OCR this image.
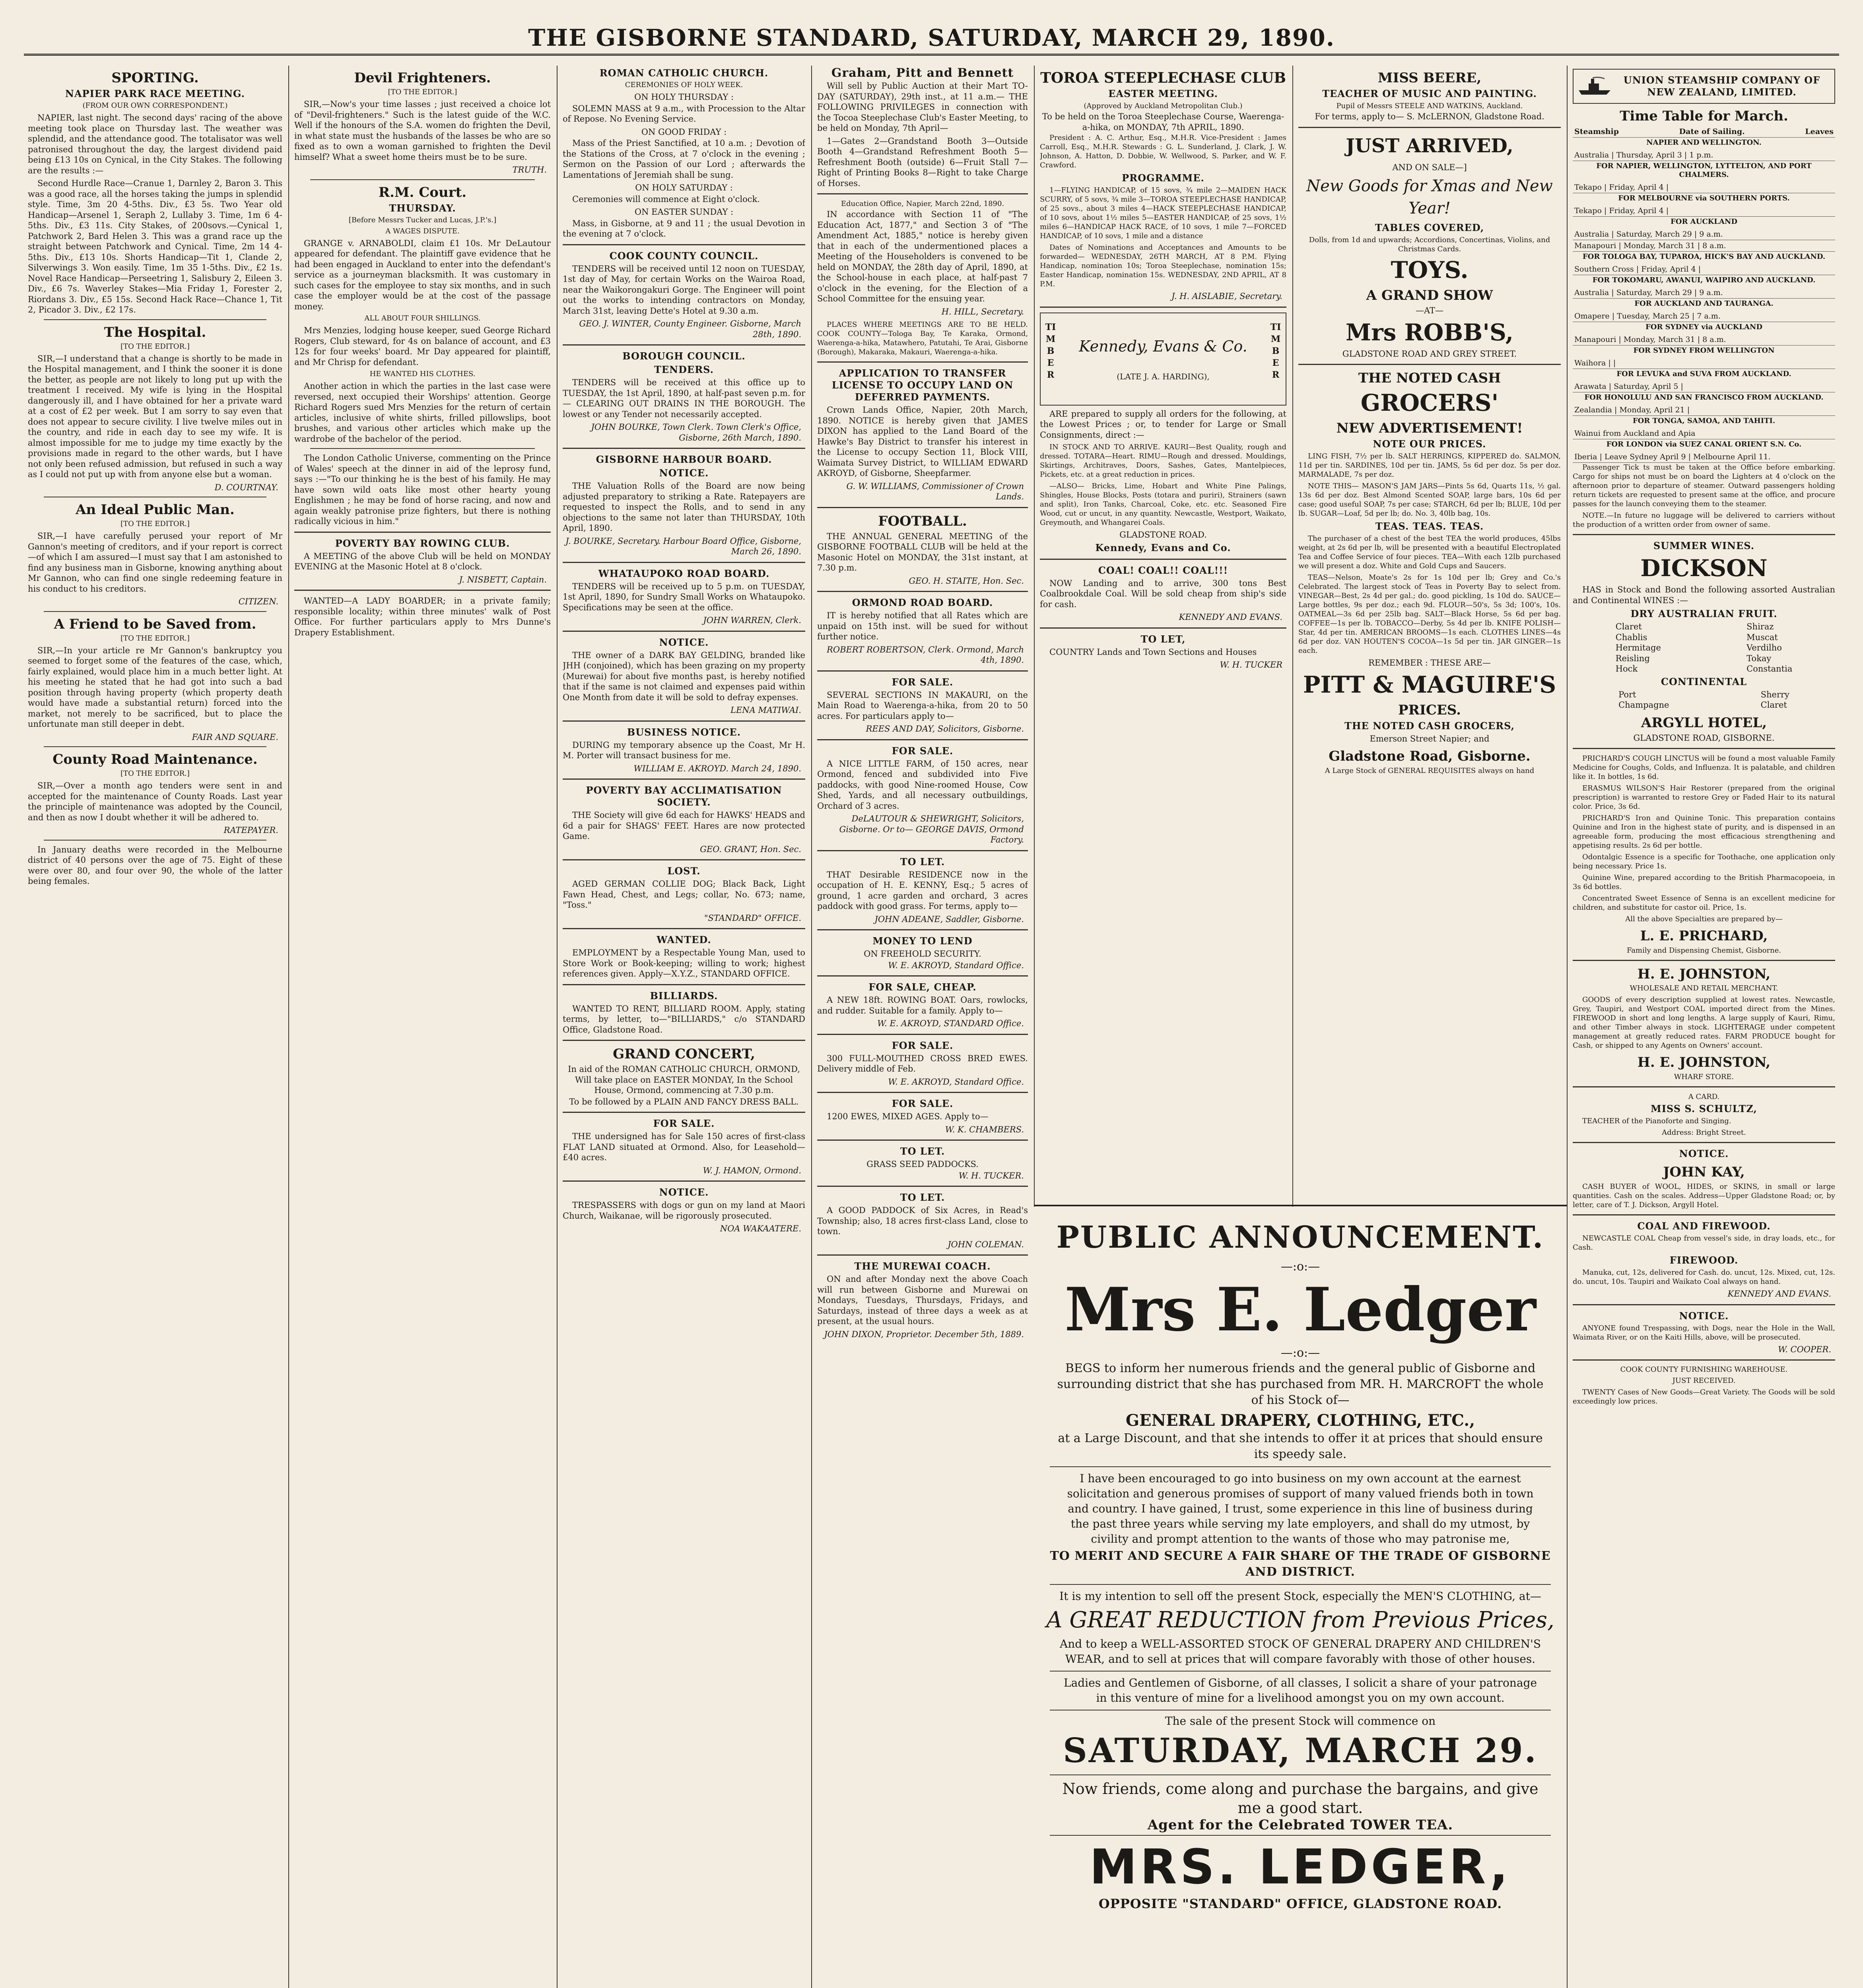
THE GISBORNE STANDARD, SATURDAY, MARCH 29, 1890.
SPORTING.
NAPIER PARK RACE MEETING.
(FROM OUR OWN CORRESPONDENT.)

NAPIER, last night. The second days' racing of the above meeting took place on Thursday last. The weather was splendid, and the attendance good. The totalisator was well patronised throughout the day, the largest dividend paid being £13 10s on Cynical, in the City Stakes. The following are the results :—

Second Hurdle Race—Cranue 1, Darnley 2, Baron 3. This was a good race, all the horses taking the jumps in splendid style. Time, 3m 20 4-5ths. Div., £3 5s. Two Year old Handicap—Arsenel 1, Seraph 2, Lullaby 3. Time, 1m 6 4-5ths. Div., £3 11s. City Stakes, of 200sovs.—Cynical 1, Patchwork 2, Bard Helen 3. This was a grand race up the straight between Patchwork and Cynical. Time, 2m 14 4-5ths. Div., £13 10s. Shorts Handicap—Tit 1, Clande 2, Silverwings 3. Won easily. Time, 1m 35 1-5ths. Div., £2 1s. Novel Race Handicap—Perseetring 1, Salisbury 2, Eileen 3. Div., £6 7s. Waverley Stakes—Mia Friday 1, Forester 2, Riordans 3. Div., £5 15s. Second Hack Race—Chance 1, Tit 2, Picador 3. Div., £2 17s.

The Hospital.
[TO THE EDITOR.]

SIR,—I understand that a change is shortly to be made in the Hospital management, and I think the sooner it is done the better, as people are not likely to long put up with the treatment I received. My wife is lying in the Hospital dangerously ill, and I have obtained for her a private ward at a cost of £2 per week. But I am sorry to say even that does not appear to secure civility. I live twelve miles out in the country, and ride in each day to see my wife. It is almost impossible for me to judge my time exactly by the provisions made in regard to the other wards, but I have not only been refused admission, but refused in such a way as I could not put up with from anyone else but a woman.

D. COURTNAY.
An Ideal Public Man.
[TO THE EDITOR.]

SIR,—I have carefully perused your report of Mr Gannon's meeting of creditors, and if your report is correct—of which I am assured—I must say that I am astonished to find any business man in Gisborne, knowing anything about Mr Gannon, who can find one single redeeming feature in his conduct to his creditors.

CITIZEN.
A Friend to be Saved from.
[TO THE EDITOR.]

SIR,—In your article re Mr Gannon's bankruptcy you seemed to forget some of the features of the case, which, fairly explained, would place him in a much better light. At his meeting he stated that he had got into such a bad position through having property (which property death would have made a substantial return) forced into the market, not merely to be sacrificed, but to place the unfortunate man still deeper in debt.

FAIR AND SQUARE.
County Road Maintenance.
[TO THE EDITOR.]

SIR,—Over a month ago tenders were sent in and accepted for the maintenance of County Roads. Last year the principle of maintenance was adopted by the Council, and then as now I doubt whether it will be adhered to.

RATEPAYER.

In January deaths were recorded in the Melbourne district of 40 persons over the age of 75. Eight of these were over 80, and four over 90, the whole of the latter being females.

Devil Frighteners.
[TO THE EDITOR.]

SIR,—Now's your time lasses ; just received a choice lot of "Devil-frighteners." Such is the latest guide of the W.C. Well if the honours of the S.A. women do frighten the Devil, in what state must the husbands of the lasses be who are so fixed as to own a woman garnished to frighten the Devil himself? What a sweet home theirs must be to be sure.

TRUTH.
R.M. Court.
THURSDAY.
[Before Messrs Tucker and Lucas, J.P.'s.]
A WAGES DISPUTE.

GRANGE v. ARNABOLDI, claim £1 10s. Mr DeLautour appeared for defendant. The plaintiff gave evidence that he had been engaged in Auckland to enter into the defendant's service as a journeyman blacksmith. It was customary in such cases for the employee to stay six months, and in such case the employer would be at the cost of the passage money.

ALL ABOUT FOUR SHILLINGS.

Mrs Menzies, lodging house keeper, sued George Richard Rogers, Club steward, for 4s on balance of account, and £3 12s for four weeks' board. Mr Day appeared for plaintiff, and Mr Chrisp for defendant.

HE WANTED HIS CLOTHES.

Another action in which the parties in the last case were reversed, next occupied their Worships' attention. George Richard Rogers sued Mrs Menzies for the return of certain articles, inclusive of white shirts, frilled pillowslips, boot brushes, and various other articles which make up the wardrobe of the bachelor of the period.

The London Catholic Universe, commenting on the Prince of Wales' speech at the dinner in aid of the leprosy fund, says :—"To our thinking he is the best of his family. He may have sown wild oats like most other hearty young Englishmen ; he may be fond of horse racing, and now and again weakly patronise prize fighters, but there is nothing radically vicious in him."

POVERTY BAY ROWING CLUB.

A MEETING of the above Club will be held on MONDAY EVENING at the Masonic Hotel at 8 o'clock.

J. NISBETT, Captain.

WANTED—A LADY BOARDER; in a private family; responsible locality; within three minutes' walk of Post Office. For further particulars apply to Mrs Dunne's Drapery Establishment.

ROMAN CATHOLIC CHURCH.
CEREMONIES OF HOLY WEEK.
ON HOLY THURSDAY :

SOLEMN MASS at 9 a.m., with Procession to the Altar of Repose. No Evening Service.

ON GOOD FRIDAY :

Mass of the Priest Sanctified, at 10 a.m. ; Devotion of the Stations of the Cross, at 7 o'clock in the evening ; Sermon on the Passion of our Lord ; afterwards the Lamentations of Jeremiah shall be sung.

ON HOLY SATURDAY :

Ceremonies will commence at Eight o'clock.

ON EASTER SUNDAY :

Mass, in Gisborne, at 9 and 11 ; the usual Devotion in the evening at 7 o'clock.

COOK COUNTY COUNCIL.

TENDERS will be received until 12 noon on TUESDAY, 1st day of May, for certain Works on the Wairoa Road, near the Waikorongakuri Gorge. The Engineer will point out the works to intending contractors on Monday, March 31st, leaving Dette's Hotel at 9.30 a.m.

GEO. J. WINTER, County Engineer. Gisborne, March 28th, 1890.
BOROUGH COUNCIL.
TENDERS.

TENDERS will be received at this office up to TUESDAY, the 1st April, 1890, at half-past seven p.m. for— CLEARING OUT DRAINS IN THE BOROUGH. The lowest or any Tender not necessarily accepted.

JOHN BOURKE, Town Clerk. Town Clerk's Office, Gisborne, 26th March, 1890.
GISBORNE HARBOUR BOARD.
NOTICE.

THE Valuation Rolls of the Board are now being adjusted preparatory to striking a Rate. Ratepayers are requested to inspect the Rolls, and to send in any objections to the same not later than THURSDAY, 10th April, 1890.

J. BOURKE, Secretary. Harbour Board Office, Gisborne, March 26, 1890.
WHATAUPOKO ROAD BOARD.

TENDERS will be received up to 5 p.m. on TUESDAY, 1st April, 1890, for Sundry Small Works on Whataupoko. Specifications may be seen at the office.

JOHN WARREN, Clerk.
NOTICE.

THE owner of a DARK BAY GELDING, branded like JHH (conjoined), which has been grazing on my property (Murewai) for about five months past, is hereby notified that if the same is not claimed and expenses paid within One Month from date it will be sold to defray expenses.

LENA MATIWAI.
BUSINESS NOTICE.

DURING my temporary absence up the Coast, Mr H. M. Porter will transact business for me.

WILLIAM E. AKROYD. March 24, 1890.
POVERTY BAY ACCLIMATISATION SOCIETY.

THE Society will give 6d each for HAWKS' HEADS and 6d a pair for SHAGS' FEET. Hares are now protected Game.

GEO. GRANT, Hon. Sec.
LOST.

AGED GERMAN COLLIE DOG; Black Back, Light Fawn Head, Chest, and Legs; collar, No. 673; name, "Toss."

"STANDARD" OFFICE.
WANTED.

EMPLOYMENT by a Respectable Young Man, used to Store Work or Book-keeping; willing to work; highest references given. Apply—X.Y.Z., STANDARD OFFICE.

BILLIARDS.

WANTED TO RENT, BILLIARD ROOM. Apply, stating terms, by letter, to—"BILLIARDS," c/o STANDARD Office, Gladstone Road.

GRAND CONCERT,

In aid of the ROMAN CATHOLIC CHURCH, ORMOND, Will take place on EASTER MONDAY, In the School House, Ormond, commencing at 7.30 p.m.

To be followed by a PLAIN AND FANCY DRESS BALL.

FOR SALE.

THE undersigned has for Sale 150 acres of first-class FLAT LAND situated at Ormond. Also, for Leasehold—£40 acres.

W. J. HAMON, Ormond.
NOTICE.

TRESPASSERS with dogs or gun on my land at Maori Church, Waikanae, will be rigorously prosecuted.

NOA WAKAATERE.
Graham, Pitt and Bennett

Will sell by Public Auction at their Mart TO-DAY (SATURDAY), 29th inst., at 11 a.m.— THE FOLLOWING PRIVILEGES in connection with the Tocoa Steeplechase Club's Easter Meeting, to be held on Monday, 7th April—

1—Gates 2—Grandstand Booth 3—Outside Booth 4—Grandstand Refreshment Booth 5—Refreshment Booth (outside) 6—Fruit Stall 7—Right of Printing Books 8—Right to take Charge of Horses.

Education Office, Napier, March 22nd, 1890.

IN accordance with Section 11 of "The Education Act, 1877," and Section 3 of "The Amendment Act, 1885," notice is hereby given that in each of the undermentioned places a Meeting of the Householders is convened to be held on MONDAY, the 28th day of April, 1890, at the School-house in each place, at half-past 7 o'clock in the evening, for the Election of a School Committee for the ensuing year.

H. HILL, Secretary.

PLACES WHERE MEETINGS ARE TO BE HELD. COOK COUNTY—Tologa Bay, Te Karaka, Ormond, Waerenga-a-hika, Matawhero, Patutahi, Te Arai, Gisborne (Borough), Makaraka, Makauri, Waerenga-a-hika.

APPLICATION TO TRANSFER LICENSE TO OCCUPY LAND ON DEFERRED PAYMENTS.

Crown Lands Office, Napier, 20th March, 1890. NOTICE is hereby given that JAMES DIXON has applied to the Land Board of the Hawke's Bay District to transfer his interest in the License to occupy Section 11, Block VIII, Waimata Survey District, to WILLIAM EDWARD AKROYD, of Gisborne, Sheepfarmer.

G. W. WILLIAMS, Commissioner of Crown Lands.
FOOTBALL.

THE ANNUAL GENERAL MEETING of the GISBORNE FOOTBALL CLUB will be held at the Masonic Hotel on MONDAY, the 31st instant, at 7.30 p.m.

GEO. H. STAITE, Hon. Sec.
ORMOND ROAD BOARD.

IT is hereby notified that all Rates which are unpaid on 15th inst. will be sued for without further notice.

ROBERT ROBERTSON, Clerk. Ormond, March 4th, 1890.
FOR SALE.

SEVERAL SECTIONS IN MAKAURI, on the Main Road to Waerenga-a-hika, from 20 to 50 acres. For particulars apply to—

REES AND DAY, Solicitors, Gisborne.
FOR SALE.

A NICE LITTLE FARM, of 150 acres, near Ormond, fenced and subdivided into Five paddocks, with good Nine-roomed House, Cow Shed, Yards, and all necessary outbuildings, Orchard of 3 acres.

DeLAUTOUR & SHEWRIGHT, Solicitors, Gisborne. Or to— GEORGE DAVIS, Ormond Factory.
TO LET.

THAT Desirable RESIDENCE now in the occupation of H. E. KENNY, Esq.; 5 acres of ground, 1 acre garden and orchard, 3 acres paddock with good grass. For terms, apply to—

JOHN ADEANE, Saddler, Gisborne.
MONEY TO LEND
ON FREEHOLD SECURITY.
W. E. AKROYD, Standard Office.
FOR SALE, CHEAP.

A NEW 18ft. ROWING BOAT. Oars, rowlocks, and rudder. Suitable for a family. Apply to—

W. E. AKROYD, STANDARD Office.
FOR SALE.

300 FULL-MOUTHED CROSS BRED EWES. Delivery middle of Feb.

W. E. AKROYD, Standard Office.
FOR SALE.

1200 EWES, MIXED AGES. Apply to—

W. K. CHAMBERS.
TO LET.
GRASS SEED PADDOCKS.
W. H. TUCKER.
TO LET.

A GOOD PADDOCK of Six Acres, in Read's Township; also, 18 acres first-class Land, close to town.

JOHN COLEMAN.
THE MUREWAI COACH.

ON and after Monday next the above Coach will run between Gisborne and Murewai on Mondays, Tuesdays, Thursdays, Fridays, and Saturdays, instead of three days a week as at present, at the usual hours.

JOHN DIXON, Proprietor. December 5th, 1889.
TOROA STEEPLECHASE CLUB
EASTER MEETING.
(Approved by Auckland Metropolitan Club.)

To be held on the Toroa Steeplechase Course, Waerenga-a-hika, on MONDAY, 7th APRIL, 1890.

President : A. C. Arthur, Esq., M.H.R. Vice-President : James Carroll, Esq., M.H.R. Stewards : G. L. Sunderland, J. Clark, J. W. Johnson, A. Hatton, D. Dobbie, W. Wellwood, S. Parker, and W. F. Crawford.

PROGRAMME.

1—FLYING HANDICAP, of 15 sovs, ¾ mile 2—MAIDEN HACK SCURRY, of 5 sovs, ¾ mile 3—TOROA STEEPLECHASE HANDICAP, of 25 sovs., about 3 miles 4—HACK STEEPLECHASE HANDICAP, of 10 sovs, about 1½ miles 5—EASTER HANDICAP, of 25 sovs, 1½ miles 6—HANDICAP HACK RACE, of 10 sovs, 1 mile 7—FORCED HANDICAP, of 10 sovs, 1 mile and a distance

Dates of Nominations and Acceptances and Amounts to be forwarded— WEDNESDAY, 26TH MARCH, AT 8 P.M. Flying Handicap, nomination 10s; Toroa Steeplechase, nomination 15s; Easter Handicap, nomination 15s. WEDNESDAY, 2ND APRIL, AT 8 P.M.

J. H. AISLABIE, Secretary.
TIMBER
TIMBER
Kennedy, Evans & Co.
(LATE J. A. HARDING),

ARE prepared to supply all orders for the following, at the Lowest Prices ; or, to tender for Large or Small Consignments, direct :—

IN STOCK AND TO ARRIVE. KAURI—Best Quality, rough and dressed. TOTARA—Heart. RIMU—Rough and dressed. Mouldings, Skirtings, Architraves, Doors, Sashes, Gates, Mantelpieces, Pickets, etc. at a great reduction in prices.

—ALSO— Bricks, Lime, Hobart and White Pine Palings, Shingles, House Blocks, Posts (totara and puriri), Strainers (sawn and split), Iron Tanks, Charcoal, Coke, etc. etc. Seasoned Fire Wood, cut or uncut, in any quantity. Newcastle, Westport, Waikato, Greymouth, and Whangarei Coals.

GLADSTONE ROAD.
Kennedy, Evans and Co.
COAL! COAL!! COAL!!!

NOW Landing and to arrive, 300 tons Best Coalbrookdale Coal. Will be sold cheap from ship's side for cash.

KENNEDY AND EVANS.
TO LET,

COUNTRY Lands and Town Sections and Houses

W. H. TUCKER
MISS BEERE,
TEACHER OF MUSIC AND PAINTING.
Pupil of Messrs STEELE AND WATKINS, Auckland.
For terms, apply to— S. McLERNON, Gladstone Road.
JUST ARRIVED,
AND ON SALE—]
New Goods for Xmas and New Year!
TABLES COVERED,

Dolls, from 1d and upwards; Accordions, Concertinas, Violins, and Christmas Cards.

TOYS.
A GRAND SHOW
—AT—
Mrs ROBB'S,
GLADSTONE ROAD AND GREY STREET.
THE NOTED CASH
GROCERS'
NEW ADVERTISEMENT!
NOTE OUR PRICES.

LING FISH, 7½ per lb. SALT HERRINGS, KIPPERED do. SALMON, 11d per tin. SARDINES, 10d per tin. JAMS, 5s 6d per doz. 5s per doz. MARMALADE, 7s per doz.

NOTE THIS— MASON'S JAM JARS—Pints 5s 6d, Quarts 11s, ½ gal. 13s 6d per doz. Best Almond Scented SOAP, large bars, 10s 6d per case; good useful SOAP, 7s per case; STARCH, 6d per lb; BLUE, 10d per lb. SUGAR—Loaf, 5d per lb; do. No. 3, 40lb bag, 10s.

TEAS. TEAS. TEAS.

The purchaser of a chest of the best TEA the world produces, 45lbs weight, at 2s 6d per lb, will be presented with a beautiful Electroplated Tea and Coffee Service of four pieces. TEA—With each 12lb purchased we will present a doz. White and Gold Cups and Saucers.

TEAS—Nelson, Moate's 2s for 1s 10d per lb; Grey and Co.'s Celebrated. The largest stock of Teas in Poverty Bay to select from. VINEGAR—Best, 2s 4d per gal.; do. good pickling, 1s 10d do. SAUCE—Large bottles, 9s per doz.; each 9d. FLOUR—50's, 5s 3d; 100's, 10s. OATMEAL—3s 6d per 25lb bag. SALT—Black Horse, 5s 6d per bag. COFFEE—1s per lb. TOBACCO—Derby, 5s 4d per lb. KNIFE POLISH—Star, 4d per tin. AMERICAN BROOMS—1s each. CLOTHES LINES—4s 6d per doz. VAN HOUTEN'S COCOA—1s 5d per tin. JAR GINGER—1s each.

REMEMBER : THESE ARE—
PITT & MAGUIRE'S
PRICES.
THE NOTED CASH GROCERS,
Emerson Street Napier; and
Gladstone Road, Gisborne.
A Large Stock of GENERAL REQUISITES always on hand
UNION STEAMSHIP COMPANY OF NEW ZEALAND, LIMITED.
Time Table for March.
Steamship	Date of Sailing.	Leaves
NAPIER AND WELLINGTON.
Australia | Thursday, April 3 | 1 p.m.
FOR NAPIER, WELLINGTON, LYTTELTON, AND PORT CHALMERS.
Tekapo | Friday, April 4 |
FOR MELBOURNE via SOUTHERN PORTS.
Tekapo | Friday, April 4 |
FOR AUCKLAND
Australia | Saturday, March 29 | 9 a.m.
Manapouri | Monday, March 31 | 8 a.m.
FOR TOLOGA BAY, TUPAROA, HICK'S BAY AND AUCKLAND.
Southern Cross | Friday, April 4 |
FOR TOKOMARU, AWANUI, WAIPIRO AND AUCKLAND.
Australia | Saturday, March 29 | 9 a.m.
FOR AUCKLAND AND TAURANGA.
Omapere | Tuesday, March 25 | 7 a.m.
FOR SYDNEY via AUCKLAND
Manapouri | Monday, March 31 | 8 a.m.
FOR SYDNEY FROM WELLINGTON
Waihora | |
FOR LEVUKA and SUVA FROM AUCKLAND.
Arawata | Saturday, April 5 |
FOR HONOLULU AND SAN FRANCISCO FROM AUCKLAND.
Zealandia | Monday, April 21 |
FOR TONGA, SAMOA, AND TAHITI.
Wainui from Auckland and Apia
FOR LONDON via SUEZ CANAL ORIENT S.N. Co.
Iberia | Leave Sydney April 9 | Melbourne April 11.

Passenger Tick ts must be taken at the Office before embarking. Cargo for ships not must be on board the Lighters at 4 o'clock on the afternoon prior to departure of steamer. Outward passengers holding return tickets are requested to present same at the office, and procure passes for the launch conveying them to the steamer.

NOTE.—In future no luggage will be delivered to carriers without the production of a written order from owner of same.

SUMMER WINES.
DICKSON

HAS in Stock and Bond the following assorted Australian and Continental WINES :—

DRY AUSTRALIAN FRUIT.
Claret
Chablis
Hermitage
Reisling
Hock
Shiraz
Muscat
Verdilho
Tokay
Constantia
CONTINENTAL
Port
Champagne
Sherry
Claret
ARGYLL HOTEL,
GLADSTONE ROAD, GISBORNE.

PRICHARD'S COUGH LINCTUS will be found a most valuable Family Medicine for Coughs, Colds, and Influenza. It is palatable, and children like it. In bottles, 1s 6d.

ERASMUS WILSON'S Hair Restorer (prepared from the original prescription) is warranted to restore Grey or Faded Hair to its natural color. Price, 3s 6d.

PRICHARD'S Iron and Quinine Tonic. This preparation contains Quinine and Iron in the highest state of purity, and is dispensed in an agreeable form, producing the most efficacious strengthening and appetising results. 2s 6d per bottle.

Odontalgic Essence is a specific for Toothache, one application only being necessary. Price 1s.

Quinine Wine, prepared according to the British Pharmacopoeia, in 3s 6d bottles.

Concentrated Sweet Essence of Senna is an excellent medicine for children, and substitute for castor oil. Price, 1s.

All the above Specialties are prepared by—
L. E. PRICHARD,
Family and Dispensing Chemist, Gisborne.
H. E. JOHNSTON,
WHOLESALE AND RETAIL MERCHANT.

GOODS of every description supplied at lowest rates. Newcastle, Grey, Taupiri, and Westport COAL imported direct from the Mines. FIREWOOD in short and long lengths. A large supply of Kauri, Rimu, and other Timber always in stock. LIGHTERAGE under competent management at greatly reduced rates. FARM PRODUCE bought for Cash, or shipped to any Agents on Owners' account.

H. E. JOHNSTON,
WHARF STORE.
A CARD.
MISS S. SCHULTZ,

TEACHER of the Pianoforte and Singing.

Address: Bright Street.
NOTICE.
JOHN KAY,

CASH BUYER of WOOL, HIDES, or SKINS, in small or large quantities. Cash on the scales. Address—Upper Gladstone Road; or, by letter, care of T. J. Dickson, Argyll Hotel.

COAL AND FIREWOOD.

NEWCASTLE COAL Cheap from vessel's side, in dray loads, etc., for Cash.

FIREWOOD.

Manuka, cut, 12s, delivered for Cash. do. uncut, 12s. Mixed, cut, 12s. do. uncut, 10s. Taupiri and Waikato Coal always on hand.

KENNEDY AND EVANS.
NOTICE.

ANYONE found Trespassing, with Dogs, near the Hole in the Wall, Waimata River, or on the Kaiti Hills, above, will be prosecuted.

W. COOPER.
COOK COUNTY FURNISHING WAREHOUSE.
JUST RECEIVED.

TWENTY Cases of New Goods—Great Variety. The Goods will be sold exceedingly low prices.

PUBLIC ANNOUNCEMENT.
—:o:—
Mrs E. Ledger
—:o:—

BEGS to inform her numerous friends and the general public of Gisborne and surrounding district that she has purchased from MR. H. MARCROFT the whole of his Stock of—

GENERAL DRAPERY, CLOTHING, ETC.,

at a Large Discount, and that she intends to offer it at prices that should ensure its speedy sale.

I have been encouraged to go into business on my own account at the earnest solicitation and generous promises of support of many valued friends both in town and country. I have gained, I trust, some experience in this line of business during the past three years while serving my late employers, and shall do my utmost, by civility and prompt attention to the wants of those who may patronise me,

TO MERIT AND SECURE A FAIR SHARE OF THE TRADE OF GISBORNE AND DISTRICT.

It is my intention to sell off the present Stock, especially the MEN'S CLOTHING, at—

A GREAT REDUCTION from Previous Prices,

And to keep a WELL-ASSORTED STOCK OF GENERAL DRAPERY AND CHILDREN'S WEAR, and to sell at prices that will compare favorably with those of other houses.

Ladies and Gentlemen of Gisborne, of all classes, I solicit a share of your patronage in this venture of mine for a livelihood amongst you on my own account.

The sale of the present Stock will commence on

SATURDAY, MARCH 29.

Now friends, come along and purchase the bargains, and give me a good start.

Agent for the Celebrated TOWER TEA.
MRS. LEDGER,
OPPOSITE "STANDARD" OFFICE, GLADSTONE ROAD.
